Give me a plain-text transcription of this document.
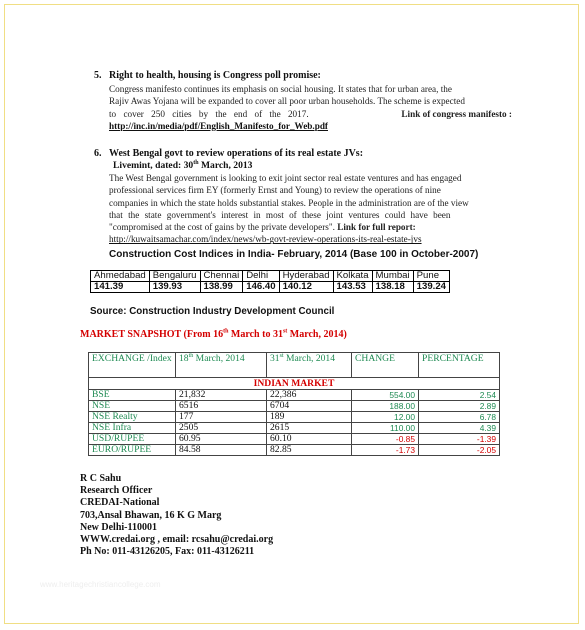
5. Right to health, housing is Congress poll promise:
Congress manifesto continues its emphasis on social housing. It states that for urban area, the
Rajiv Awas Yojana will be expanded to cover all poor urban households. The scheme is expected
to cover 250 cities by the end of the 2017.	Link of congress manifesto :
http://inc.in/media/pdf/English_Manifesto_for_Web.pdf
6. West Bengal govt to review operations of its real estate JVs:
Livemint, dated: 30th March, 2013
The West Bengal government is looking to exit joint sector real estate ventures and has engaged
professional services firm EY (formerly Ernst and Young) to review the operations of nine
companies in which the state holds substantial stakes. People in the administration are of the view
that the state government's interest in most of these joint ventures could have been
"compromised at the cost of gains by the private developers". Link for full report:
http://kuwaitsamachar.com/index/news/wb-govt-review-operations-its-real-estate-jvs
Construction Cost Indices in India- February, 2014 (Base 100 in October-2007)
Ahmedabad	Bengaluru	Chennai	Delhi	Hyderabad	Kolkata	Mumbai	Pune
141.39	139.93	138.99	146.40	140.12	143.53	138.18	139.24
Source: Construction Industry Development Council
MARKET SNAPSHOT (From 16th March to 31st March, 2014)
EXCHANGE /Index	18th March, 2014	31st March, 2014	CHANGE	PERCENTAGE
INDIAN MARKET				
BSE	21,832	22,386	554.00	2.54
NSE	6516	6704	188.00	2.89
NSE Realty	177	189	12.00	6.78
NSE Infra	2505	2615	110.00	4.39
USD/RUPEE	60.95	60.10	-0.85	-1.39
EURO/RUPEE	84.58	82.85	-1.73	-2.05
R C Sahu
Research Officer
CREDAI-National
703,Ansal Bhawan, 16 K G Marg
New Delhi-110001
WWW.credai.org , email: rcsahu@credai.org
Ph No: 011-43126205, Fax: 011-43126211
www.heritagechristiancollege.com
